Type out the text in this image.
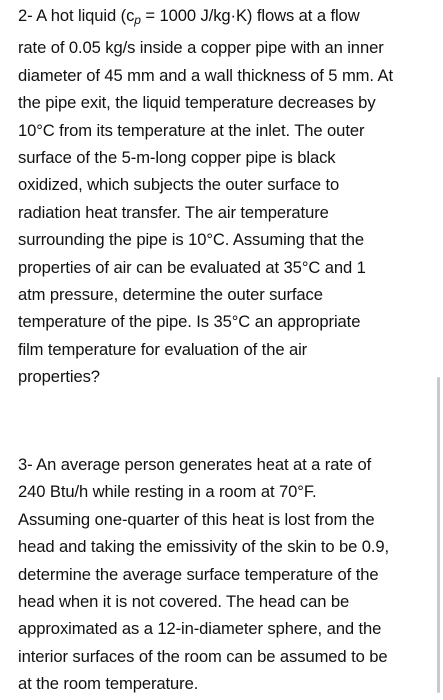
2- A hot liquid (cp = 1000 J/kg·K) flows at a flow
rate of 0.05 kg/s inside a copper pipe with an inner
diameter of 45 mm and a wall thickness of 5 mm. At
the pipe exit, the liquid temperature decreases by
10°C from its temperature at the inlet. The outer
surface of the 5-m-long copper pipe is black
oxidized, which subjects the outer surface to
radiation heat transfer. The air temperature
surrounding the pipe is 10°C. Assuming that the
properties of air can be evaluated at 35°C and 1
atm pressure, determine the outer surface
temperature of the pipe. Is 35°C an appropriate
film temperature for evaluation of the air
properties?
3- An average person generates heat at a rate of
240 Btu/h while resting in a room at 70°F.
Assuming one-quarter of this heat is lost from the
head and taking the emissivity of the skin to be 0.9,
determine the average surface temperature of the
head when it is not covered. The head can be
approximated as a 12-in-diameter sphere, and the
interior surfaces of the room can be assumed to be
at the room temperature.
